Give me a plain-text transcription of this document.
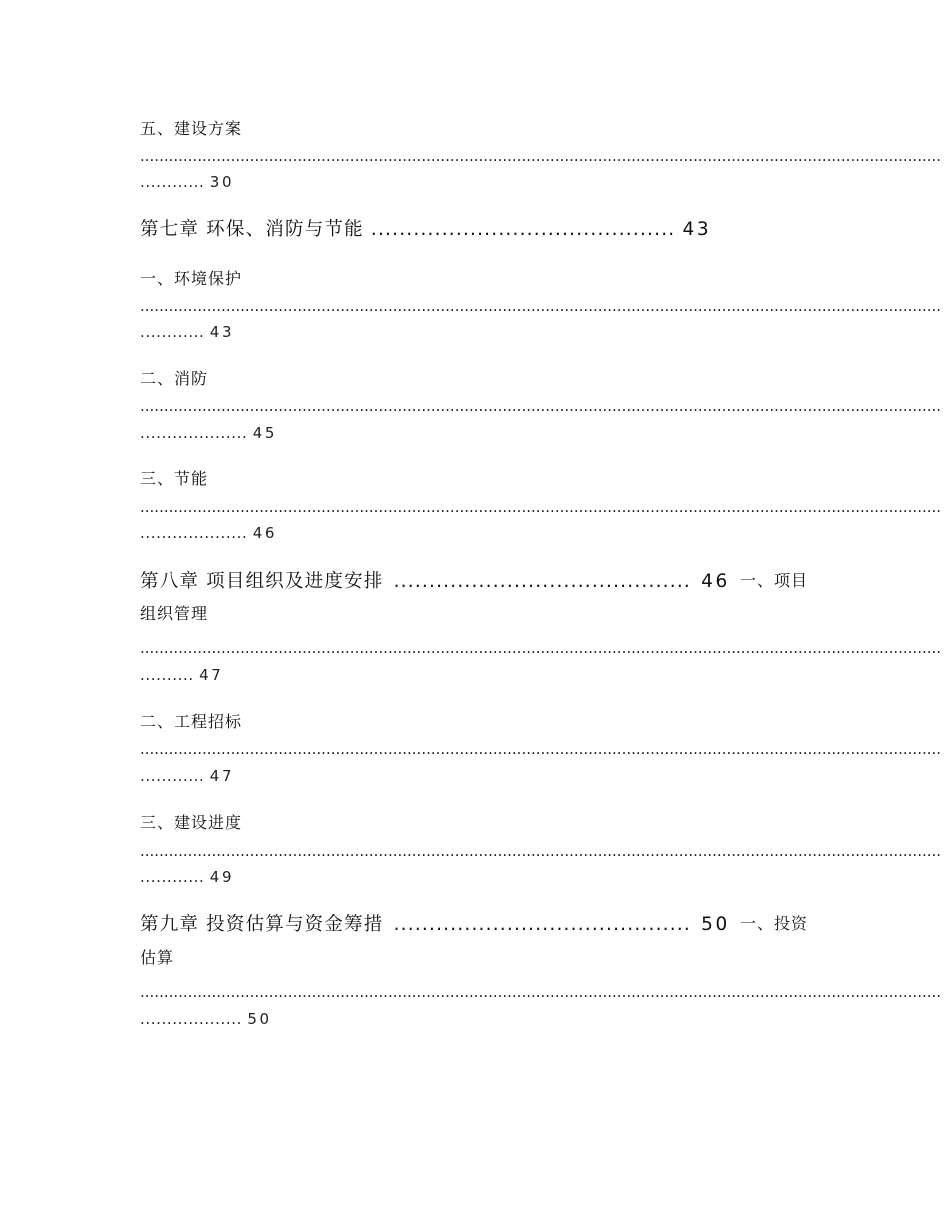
五、建设方案
........................................................................................................................................................................
............ 30
第七章 环保、消防与节能 ........................................... 43
一、环境保护
........................................................................................................................................................................
............ 43
二、消防
........................................................................................................................................................................
.................... 45
三、节能
........................................................................................................................................................................
.................... 46
第八章 项目组织及进度安排 .......................................... 46 一、项目
组织管理
........................................................................................................................................................................
.......... 47
二、工程招标
........................................................................................................................................................................
............ 47
三、建设进度
........................................................................................................................................................................
............ 49
第九章 投资估算与资金筹措 .......................................... 50 一、投资
估算
........................................................................................................................................................................
................... 50
